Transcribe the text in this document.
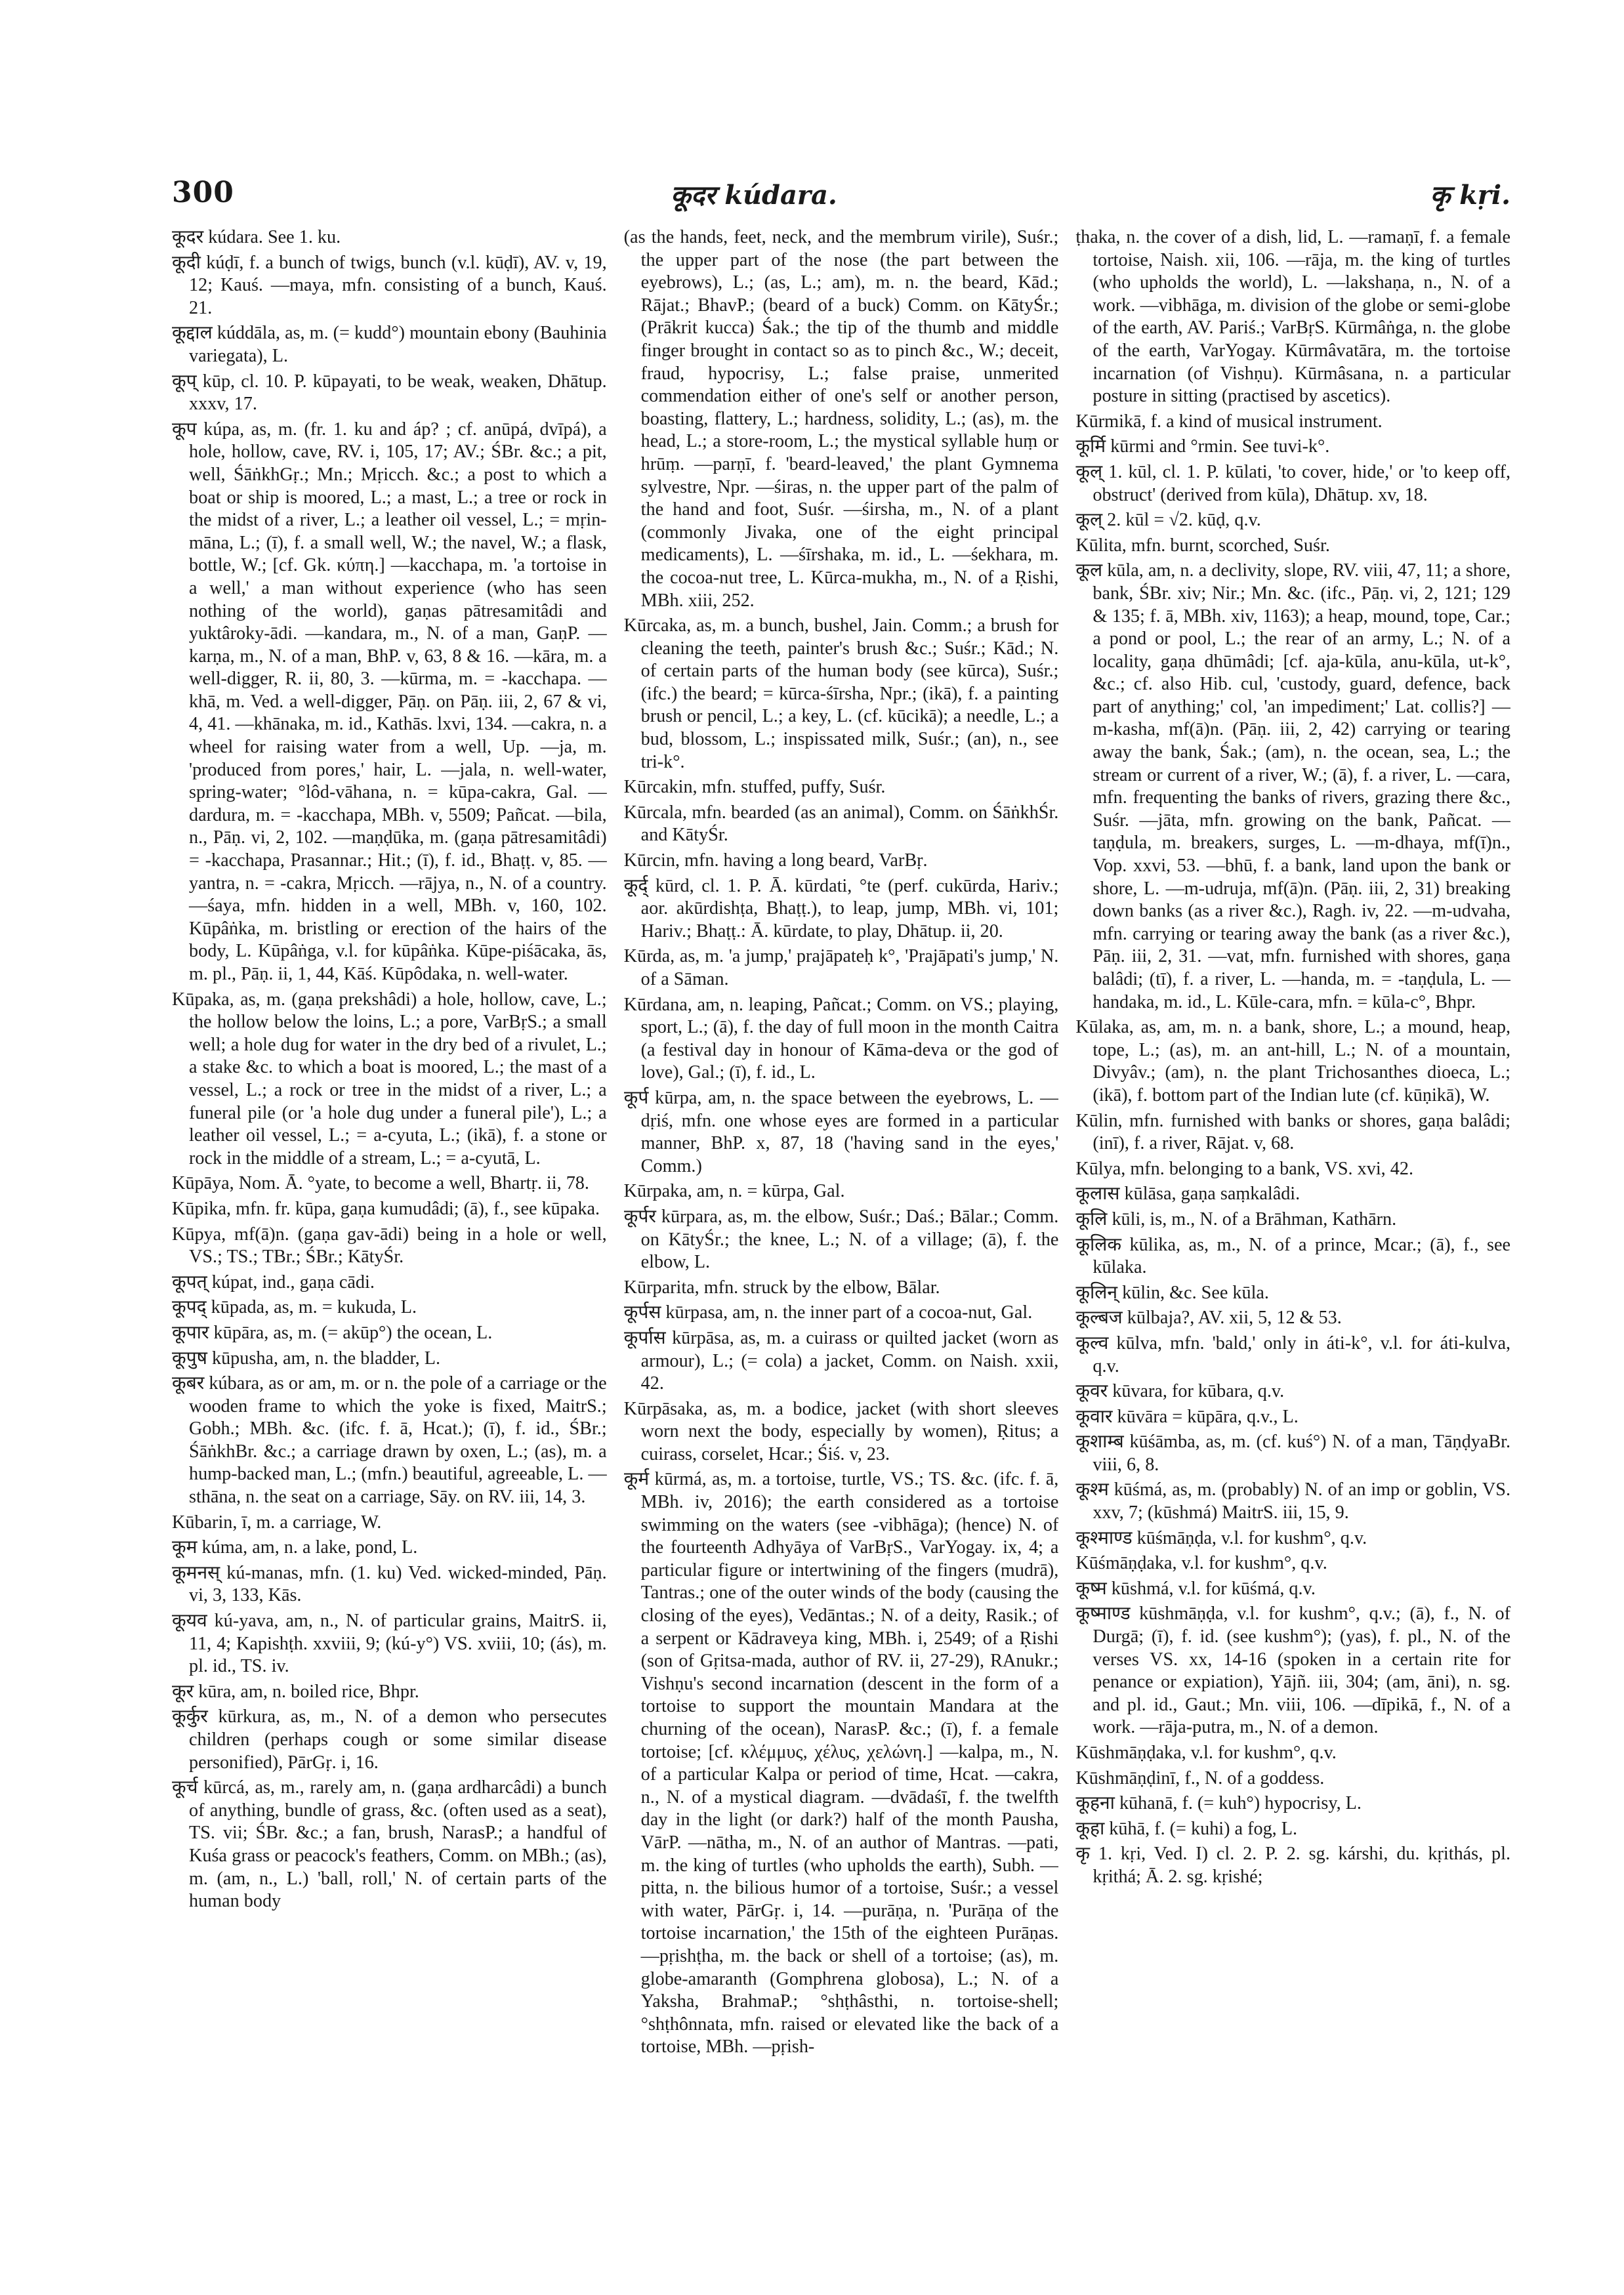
300	कूदर kúdara.	कृ kṛi.

कूदर kúdara. See 1. ku.

कूदी kúḍī, f. a bunch of twigs, bunch (v.l. kūḍī), AV. v, 19, 12; Kauś. —maya, mfn. consisting of a bunch, Kauś. 21.

कूद्दाल kúddāla, as, m. (= kudd°) mountain ebony (Bauhinia variegata), L.

कूप् kūp, cl. 10. P. kūpayati, to be weak, weaken, Dhātup. xxxv, 17.

कूप kúpa, as, m. (fr. 1. ku and áp? ; cf. anūpá, dvīpá), a hole, hollow, cave, RV. i, 105, 17; AV.; ŚBr. &c.; a pit, well, ŚāṅkhGṛ.; Mn.; Mṛicch. &c.; a post to which a boat or ship is moored, L.; a mast, L.; a tree or rock in the midst of a river, L.; a leather oil vessel, L.; = mṛin-māna, L.; (ī), f. a small well, W.; the navel, W.; a flask, bottle, W.; [cf. Gk. κύπη.] —kacchapa, m. 'a tortoise in a well,' a man without experience (who has seen nothing of the world), gaṇas pātresamitâdi and yuktâroky-ādi. —kandara, m., N. of a man, GaṇP. —karṇa, m., N. of a man, BhP. v, 63, 8 & 16. —kāra, m. a well-digger, R. ii, 80, 3. —kūrma, m. = -kacchapa. —khā, m. Ved. a well-digger, Pāṇ. on Pāṇ. iii, 2, 67 & vi, 4, 41. —khānaka, m. id., Kathās. lxvi, 134. —cakra, n. a wheel for raising water from a well, Up. —ja, m. 'produced from pores,' hair, L. —jala, n. well-water, spring-water; °lôd-vāhana, n. = kūpa-cakra, Gal. —dardura, m. = -kacchapa, MBh. v, 5509; Pañcat. —bila, n., Pāṇ. vi, 2, 102. —maṇḍūka, m. (gaṇa pātresamitâdi) = -kacchapa, Prasannar.; Hit.; (ī), f. id., Bhaṭṭ. v, 85. —yantra, n. = -cakra, Mṛicch. —rājya, n., N. of a country. —śaya, mfn. hidden in a well, MBh. v, 160, 102. Kūpâṅka, m. bristling or erection of the hairs of the body, L. Kūpâṅga, v.l. for kūpâṅka. Kūpe-piśācaka, ās, m. pl., Pāṇ. ii, 1, 44, Kāś. Kūpôdaka, n. well-water.

Kūpaka, as, m. (gaṇa prekshâdi) a hole, hollow, cave, L.; the hollow below the loins, L.; a pore, VarBṛS.; a small well; a hole dug for water in the dry bed of a rivulet, L.; a stake &c. to which a boat is moored, L.; the mast of a vessel, L.; a rock or tree in the midst of a river, L.; a funeral pile (or 'a hole dug under a funeral pile'), L.; a leather oil vessel, L.; = a-cyuta, L.; (ikā), f. a stone or rock in the middle of a stream, L.; = a-cyutā, L.

Kūpāya, Nom. Ā. °yate, to become a well, Bhartṛ. ii, 78.

Kūpika, mfn. fr. kūpa, gaṇa kumudâdi; (ā), f., see kūpaka.

Kūpya, mf(ā)n. (gaṇa gav-ādi) being in a hole or well, VS.; TS.; TBr.; ŚBr.; KātyŚr.

कूपत् kúpat, ind., gaṇa cādi.

कूपद् kūpada, as, m. = kukuda, L.

कूपार kūpāra, as, m. (= akūp°) the ocean, L.

कूपुष kūpusha, am, n. the bladder, L.

कूबर kúbara, as or am, m. or n. the pole of a carriage or the wooden frame to which the yoke is fixed, MaitrS.; Gobh.; MBh. &c. (ifc. f. ā, Hcat.); (ī), f. id., ŚBr.; ŚāṅkhBr. &c.; a carriage drawn by oxen, L.; (as), m. a hump-backed man, L.; (mfn.) beautiful, agreeable, L. —sthāna, n. the seat on a carriage, Sāy. on RV. iii, 14, 3.

Kūbarin, ī, m. a carriage, W.

कूम kúma, am, n. a lake, pond, L.

कूमनस् kú-manas, mfn. (1. ku) Ved. wicked-minded, Pāṇ. vi, 3, 133, Kās.

कूयव kú-yava, am, n., N. of particular grains, MaitrS. ii, 11, 4; Kapishṭh. xxviii, 9; (kú-y°) VS. xviii, 10; (ás), m. pl. id., TS. iv.

कूर kūra, am, n. boiled rice, Bhpr.

कूर्कुर kūrkura, as, m., N. of a demon who persecutes children (perhaps cough or some similar disease personified), PārGṛ. i, 16.

कूर्च kūrcá, as, m., rarely am, n. (gaṇa ardharcâdi) a bunch of anything, bundle of grass, &c. (often used as a seat), TS. vii; ŚBr. &c.; a fan, brush, NarasP.; a handful of Kuśa grass or peacock's feathers, Comm. on MBh.; (as), m. (am, n., L.) 'ball, roll,' N. of certain parts of the human body

(as the hands, feet, neck, and the membrum virile), Suśr.; the upper part of the nose (the part between the eyebrows), L.; (as, L.; am), m. n. the beard, Kād.; Rājat.; BhavP.; (beard of a buck) Comm. on KātyŚr.; (Prākrit kucca) Śak.; the tip of the thumb and middle finger brought in contact so as to pinch &c., W.; deceit, fraud, hypocrisy, L.; false praise, unmerited commendation either of one's self or another person, boasting, flattery, L.; hardness, solidity, L.; (as), m. the head, L.; a store-room, L.; the mystical syllable huṃ or hrūṃ. —parṇī, f. 'beard-leaved,' the plant Gymnema sylvestre, Npr. —śiras, n. the upper part of the palm of the hand and foot, Suśr. —śirsha, m., N. of a plant (commonly Jivaka, one of the eight principal medicaments), L. —śīrshaka, m. id., L. —śekhara, m. the cocoa-nut tree, L. Kūrca-mukha, m., N. of a Ṛishi, MBh. xiii, 252.

Kūrcaka, as, m. a bunch, bushel, Jain. Comm.; a brush for cleaning the teeth, painter's brush &c.; Suśr.; Kād.; N. of certain parts of the human body (see kūrca), Suśr.; (ifc.) the beard; = kūrca-śīrsha, Npr.; (ikā), f. a painting brush or pencil, L.; a key, L. (cf. kūcikā); a needle, L.; a bud, blossom, L.; inspissated milk, Suśr.; (an), n., see tri-k°.

Kūrcakin, mfn. stuffed, puffy, Suśr.

Kūrcala, mfn. bearded (as an animal), Comm. on ŚāṅkhŚr. and KātyŚr.

Kūrcin, mfn. having a long beard, VarBṛ.

कूर्द् kūrd, cl. 1. P. Ā. kūrdati, °te (perf. cukūrda, Hariv.; aor. akūrdishṭa, Bhaṭṭ.), to leap, jump, MBh. vi, 101; Hariv.; Bhaṭṭ.: Ā. kūrdate, to play, Dhātup. ii, 20.

Kūrda, as, m. 'a jump,' prajāpateḥ k°, 'Prajāpati's jump,' N. of a Sāman.

Kūrdana, am, n. leaping, Pañcat.; Comm. on VS.; playing, sport, L.; (ā), f. the day of full moon in the month Caitra (a festival day in honour of Kāma-deva or the god of love), Gal.; (ī), f. id., L.

कूर्प kūrpa, am, n. the space between the eyebrows, L. —dṛiś, mfn. one whose eyes are formed in a particular manner, BhP. x, 87, 18 ('having sand in the eyes,' Comm.)

Kūrpaka, am, n. = kūrpa, Gal.

कूर्पर kūrpara, as, m. the elbow, Suśr.; Daś.; Bālar.; Comm. on KātyŚr.; the knee, L.; N. of a village; (ā), f. the elbow, L.

Kūrparita, mfn. struck by the elbow, Bālar.

कूर्पस kūrpasa, am, n. the inner part of a cocoa-nut, Gal.

कूर्पास kūrpāsa, as, m. a cuirass or quilted jacket (worn as armour), L.; (= cola) a jacket, Comm. on Naish. xxii, 42.

Kūrpāsaka, as, m. a bodice, jacket (with short sleeves worn next the body, especially by women), Ṛitus; a cuirass, corselet, Hcar.; Śiś. v, 23.

कूर्म kūrmá, as, m. a tortoise, turtle, VS.; TS. &c. (ifc. f. ā, MBh. iv, 2016); the earth considered as a tortoise swimming on the waters (see -vibhāga); (hence) N. of the fourteenth Adhyāya of VarBṛS., VarYogay. ix, 4; a particular figure or intertwining of the fingers (mudrā), Tantras.; one of the outer winds of the body (causing the closing of the eyes), Vedāntas.; N. of a deity, Rasik.; of a serpent or Kādraveya king, MBh. i, 2549; of a Ṛishi (son of Gṛitsa-mada, author of RV. ii, 27-29), RAnukr.; Vishṇu's second incarnation (descent in the form of a tortoise to support the mountain Mandara at the churning of the ocean), NarasP. &c.; (ī), f. a female tortoise; [cf. κλέμμυς, χέλυς, χελώνη.] —kalpa, m., N. of a particular Kalpa or period of time, Hcat. —cakra, n., N. of a mystical diagram. —dvādaśī, f. the twelfth day in the light (or dark?) half of the month Pausha, VārP. —nātha, m., N. of an author of Mantras. —pati, m. the king of turtles (who upholds the earth), Subh. —pitta, n. the bilious humor of a tortoise, Suśr.; a vessel with water, PārGṛ. i, 14. —purāṇa, n. 'Purāṇa of the tortoise incarnation,' the 15th of the eighteen Purāṇas. —pṛishṭha, m. the back or shell of a tortoise; (as), m. globe-amaranth (Gomphrena globosa), L.; N. of a Yaksha, BrahmaP.; °shṭhâsthi, n. tortoise-shell; °shṭhônnata, mfn. raised or elevated like the back of a tortoise, MBh. —pṛish-

ṭhaka, n. the cover of a dish, lid, L. —ramaṇī, f. a female tortoise, Naish. xii, 106. —rāja, m. the king of turtles (who upholds the world), L. —lakshaṇa, n., N. of a work. —vibhāga, m. division of the globe or semi-globe of the earth, AV. Pariś.; VarBṛS. Kūrmâṅga, n. the globe of the earth, VarYogay. Kūrmâvatāra, m. the tortoise incarnation (of Vishṇu). Kūrmâsana, n. a particular posture in sitting (practised by ascetics).

Kūrmikā, f. a kind of musical instrument.

कूर्मि kūrmi and °rmin. See tuvi-k°.

कूल् 1. kūl, cl. 1. P. kūlati, 'to cover, hide,' or 'to keep off, obstruct' (derived from kūla), Dhātup. xv, 18.

कूल् 2. kūl = √2. kūḍ, q.v.

Kūlita, mfn. burnt, scorched, Suśr.

कूल kūla, am, n. a declivity, slope, RV. viii, 47, 11; a shore, bank, ŚBr. xiv; Nir.; Mn. &c. (ifc., Pāṇ. vi, 2, 121; 129 & 135; f. ā, MBh. xiv, 1163); a heap, mound, tope, Car.; a pond or pool, L.; the rear of an army, L.; N. of a locality, gaṇa dhūmâdi; [cf. aja-kūla, anu-kūla, ut-k°, &c.; cf. also Hib. cul, 'custody, guard, defence, back part of anything;' col, 'an impediment;' Lat. collis?] —m-kasha, mf(ā)n. (Pāṇ. iii, 2, 42) carrying or tearing away the bank, Śak.; (am), n. the ocean, sea, L.; the stream or current of a river, W.; (ā), f. a river, L. —cara, mfn. frequenting the banks of rivers, grazing there &c., Suśr. —jāta, mfn. growing on the bank, Pañcat. —taṇḍula, m. breakers, surges, L. —m-dhaya, mf(ī)n., Vop. xxvi, 53. —bhū, f. a bank, land upon the bank or shore, L. —m-udruja, mf(ā)n. (Pāṇ. iii, 2, 31) breaking down banks (as a river &c.), Ragh. iv, 22. —m-udvaha, mfn. carrying or tearing away the bank (as a river &c.), Pāṇ. iii, 2, 31. —vat, mfn. furnished with shores, gaṇa balâdi; (tī), f. a river, L. —handa, m. = -taṇḍula, L. —handaka, m. id., L. Kūle-cara, mfn. = kūla-c°, Bhpr.

Kūlaka, as, am, m. n. a bank, shore, L.; a mound, heap, tope, L.; (as), m. an ant-hill, L.; N. of a mountain, Divyâv.; (am), n. the plant Trichosanthes dioeca, L.; (ikā), f. bottom part of the Indian lute (cf. kūṇikā), W.

Kūlin, mfn. furnished with banks or shores, gaṇa balâdi; (inī), f. a river, Rājat. v, 68.

Kūlya, mfn. belonging to a bank, VS. xvi, 42.

कूलास kūlāsa, gaṇa saṃkalâdi.

कूलि kūli, is, m., N. of a Brāhman, Kathārn.

कूलिक kūlika, as, m., N. of a prince, Mcar.; (ā), f., see kūlaka.

कूलिन् kūlin, &c. See kūla.

कूल्बज kūlbaja?, AV. xii, 5, 12 & 53.

कूल्व kūlva, mfn. 'bald,' only in áti-k°, v.l. for áti-kulva, q.v.

कूवर kūvara, for kūbara, q.v.

कूवार kūvāra = kūpāra, q.v., L.

कूशाम्ब kūśāmba, as, m. (cf. kuś°) N. of a man, TāṇḍyaBr. viii, 6, 8.

कूश्म kūśmá, as, m. (probably) N. of an imp or goblin, VS. xxv, 7; (kūshmá) MaitrS. iii, 15, 9.

कूश्माण्ड kūśmāṇḍa, v.l. for kushm°, q.v.

Kūśmāṇḍaka, v.l. for kushm°, q.v.

कूष्म kūshmá, v.l. for kūśmá, q.v.

कूष्माण्ड kūshmāṇḍa, v.l. for kushm°, q.v.; (ā), f., N. of Durgā; (ī), f. id. (see kushm°); (yas), f. pl., N. of the verses VS. xx, 14-16 (spoken in a certain rite for penance or expiation), Yājñ. iii, 304; (am, āni), n. sg. and pl. id., Gaut.; Mn. viii, 106. —dīpikā, f., N. of a work. —rāja-putra, m., N. of a demon.

Kūshmāṇḍaka, v.l. for kushm°, q.v.

Kūshmāṇḍinī, f., N. of a goddess.

कूहना kūhanā, f. (= kuh°) hypocrisy, L.

कूहा kūhā, f. (= kuhi) a fog, L.

कृ 1. kṛi, Ved. I) cl. 2. P. 2. sg. kárshi, du. kṛithás, pl. kṛithá; Ā. 2. sg. kṛishé;
